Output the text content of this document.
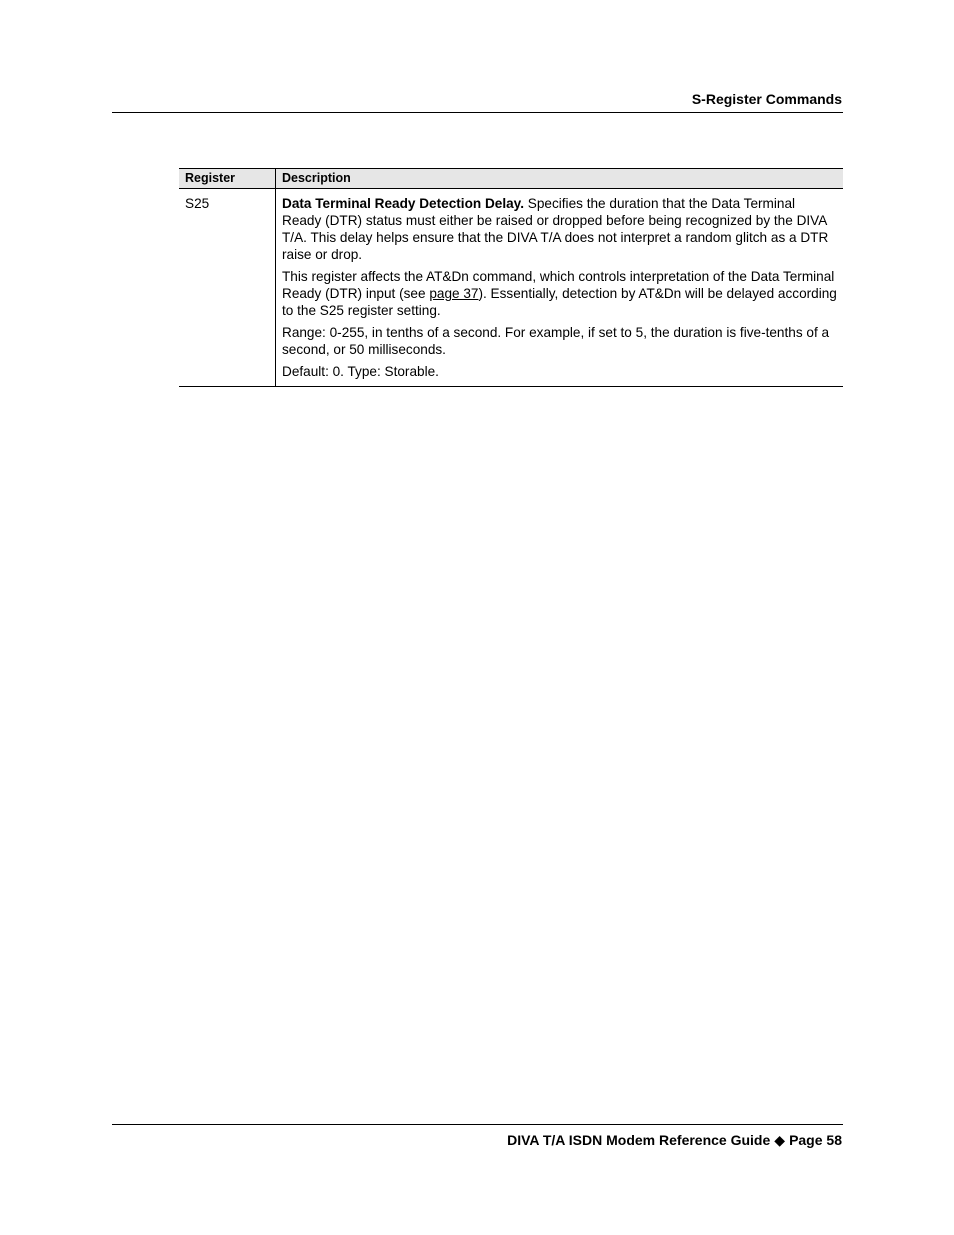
S-Register Commands
Register	Description
S25	Data Terminal Ready Detection Delay. Specifies the duration that the Data Terminal Ready (DTR) status must either be raised or dropped before being recognized by the DIVA T/A. This delay helps ensure that the DIVA T/A does not interpret a random glitch as a DTR raise or drop.

This register affects the AT&Dn command, which controls interpretation of the Data Terminal Ready (DTR) input (see page 37). Essentially, detection by AT&Dn will be delayed according to the S25 register setting.

Range: 0-255, in tenths of a second. For example, if set to 5, the duration is five-tenths of a second, or 50 milliseconds.

Default: 0. Type: Storable.

DIVA T/A ISDN Modem Reference Guide ◆ Page 58
